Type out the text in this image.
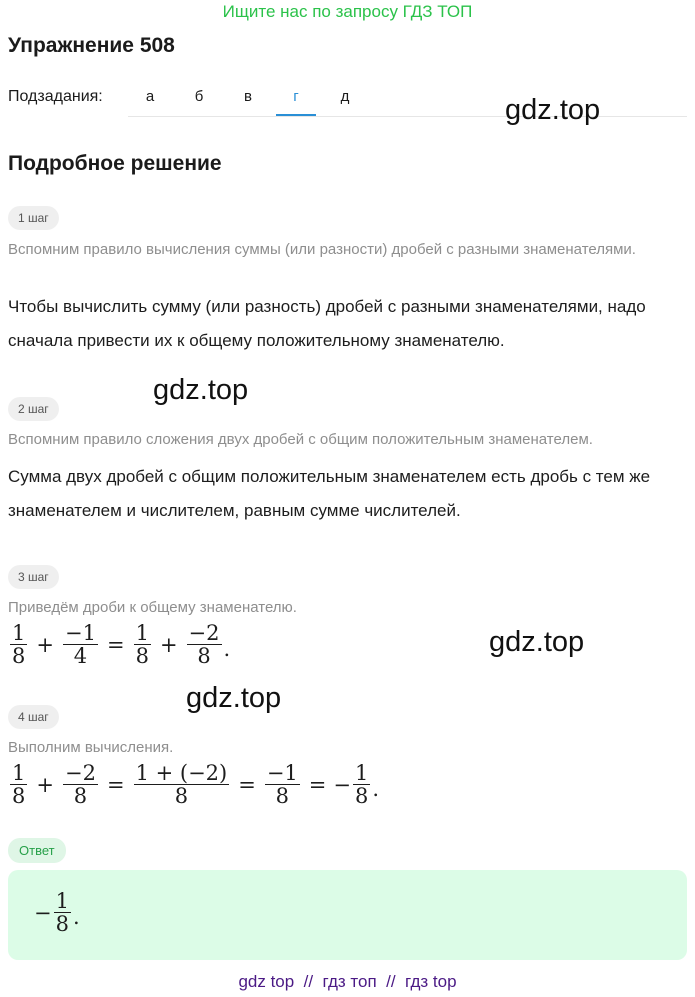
Ищите нас по запросу ГДЗ ТОП
Упражнение 508
Подзадания:	а	б	в	г	д	gdz.top
Подробное решение
1 шаг
Вспомним правило вычисления суммы (или разности) дробей с разными знаменателями.
Чтобы вычислить сумму (или разность) дробей с разными знаменателями, надо сначала привести их к общему положительному знаменателю.
gdz.top
2 шаг
Вспомним правило сложения двух дробей с общим положительным знаменателем.
Сумма двух дробей с общим положительным знаменателем есть дробь с тем же знаменателем и числителем, равным сумме числителей.
3 шаг
Приведём дроби к общему знаменателю.
$\frac{1}{8} + \frac{-1}{4} = \frac{1}{8} + \frac{-2}{8}$ .	gdz.top
gdz.top
4 шаг
Выполним вычисления.
$\frac{1}{8} + \frac{-2}{8} = \frac{1 + (-2)}{8} = \frac{-1}{8}$ = − $\frac{1}{8}$ .
Ответ
− $\frac{1}{8}$ .
gdz top  //  гдз топ  //  гдз top
